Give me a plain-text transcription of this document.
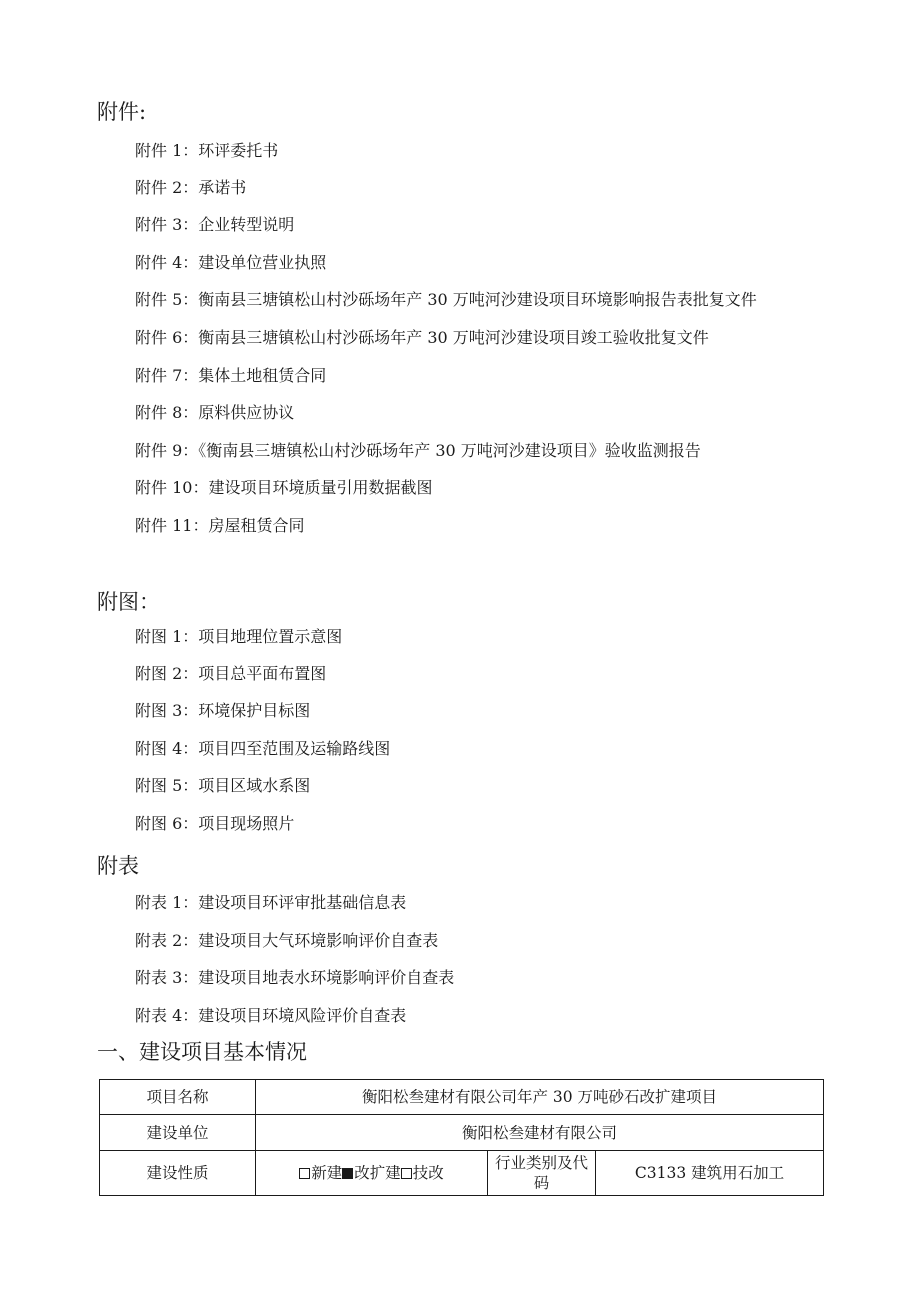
附件:
附件 1：环评委托书
附件 2：承诺书
附件 3：企业转型说明
附件 4：建设单位营业执照
附件 5：衡南县三塘镇松山村沙砾场年产 30 万吨河沙建设项目环境影响报告表批复文件
附件 6：衡南县三塘镇松山村沙砾场年产 30 万吨河沙建设项目竣工验收批复文件
附件 7：集体土地租赁合同
附件 8：原料供应协议
附件 9：《衡南县三塘镇松山村沙砾场年产 30 万吨河沙建设项目》验收监测报告
附件 10：建设项目环境质量引用数据截图
附件 11：房屋租赁合同
附图：
附图 1：项目地理位置示意图
附图 2：项目总平面布置图
附图 3：环境保护目标图
附图 4：项目四至范围及运输路线图
附图 5：项目区域水系图
附图 6：项目现场照片
附表
附表 1：建设项目环评审批基础信息表
附表 2：建设项目大气环境影响评价自查表
附表 3：建设项目地表水环境影响评价自查表
附表 4：建设项目环境风险评价自查表
一、建设项目基本情况
项目名称	衡阳松叁建材有限公司年产 30 万吨砂石改扩建项目		
建设单位	衡阳松叁建材有限公司		
建设性质	新建 改扩建 技改	行业类别及代码	C3133 建筑用石加工
